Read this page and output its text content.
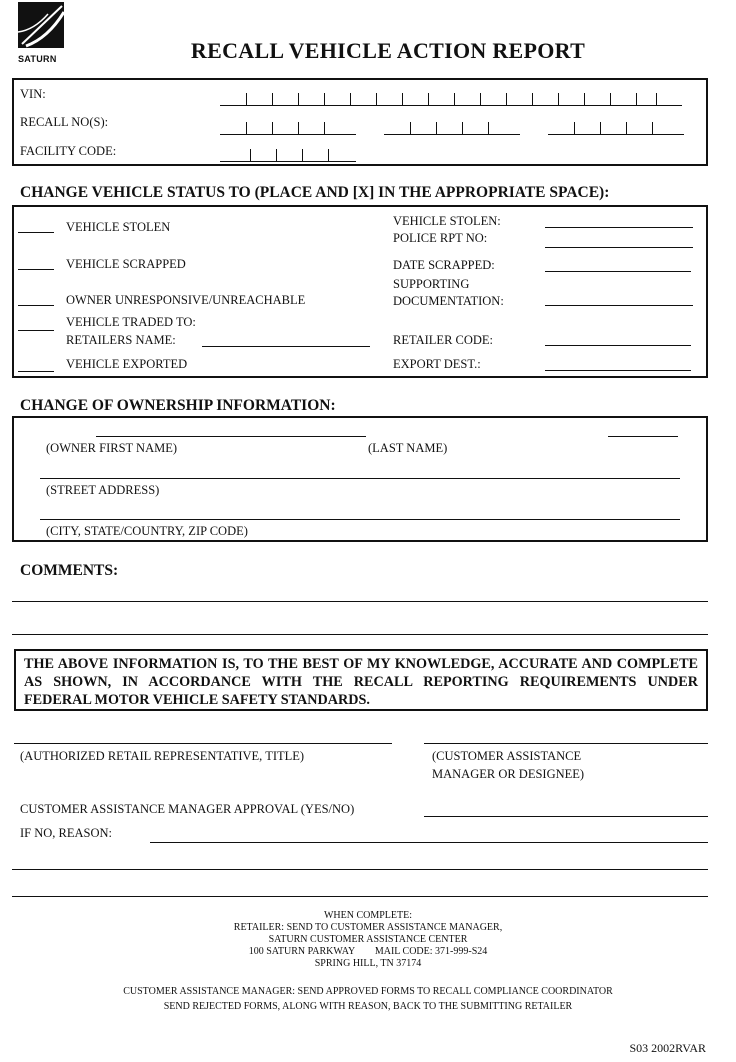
SATURN	RECALL VEHICLE ACTION REPORT
VIN:
RECALL NO(S):
FACILITY CODE:
CHANGE VEHICLE STATUS TO (PLACE AND [X] IN THE APPROPRIATE SPACE):
VEHICLE STOLEN	VEHICLE STOLEN:
POLICE RPT NO:
VEHICLE SCRAPPED	DATE SCRAPPED:
OWNER UNRESPONSIVE/UNREACHABLE
SUPPORTING
DOCUMENTATION:
VEHICLE TRADED TO:
RETAILERS NAME:	RETAILER CODE:
VEHICLE EXPORTED	EXPORT DEST.:
CHANGE OF OWNERSHIP INFORMATION:
(OWNER FIRST NAME)	(LAST NAME)
(STREET ADDRESS)
(CITY, STATE/COUNTRY, ZIP CODE)
COMMENTS:
THE ABOVE INFORMATION IS, TO THE BEST OF MY KNOWLEDGE, ACCURATE AND COMPLETE AS SHOWN, IN ACCORDANCE WITH THE RECALL REPORTING REQUIREMENTS UNDER FEDERAL MOTOR VEHICLE SAFETY STANDARDS.
(AUTHORIZED RETAIL REPRESENTATIVE, TITLE)	(CUSTOMER ASSISTANCE
MANAGER OR DESIGNEE)
CUSTOMER ASSISTANCE MANAGER APPROVAL (YES/NO)
IF NO, REASON:
WHEN COMPLETE:
RETAILER: SEND TO CUSTOMER ASSISTANCE MANAGER,
SATURN CUSTOMER ASSISTANCE CENTER
100 SATURN PARKWAY        MAIL CODE: 371-999-S24
SPRING HILL, TN 37174
CUSTOMER ASSISTANCE MANAGER: SEND APPROVED FORMS TO RECALL COMPLIANCE COORDINATOR
SEND REJECTED FORMS, ALONG WITH REASON, BACK TO THE SUBMITTING RETAILER
S03 2002RVAR
